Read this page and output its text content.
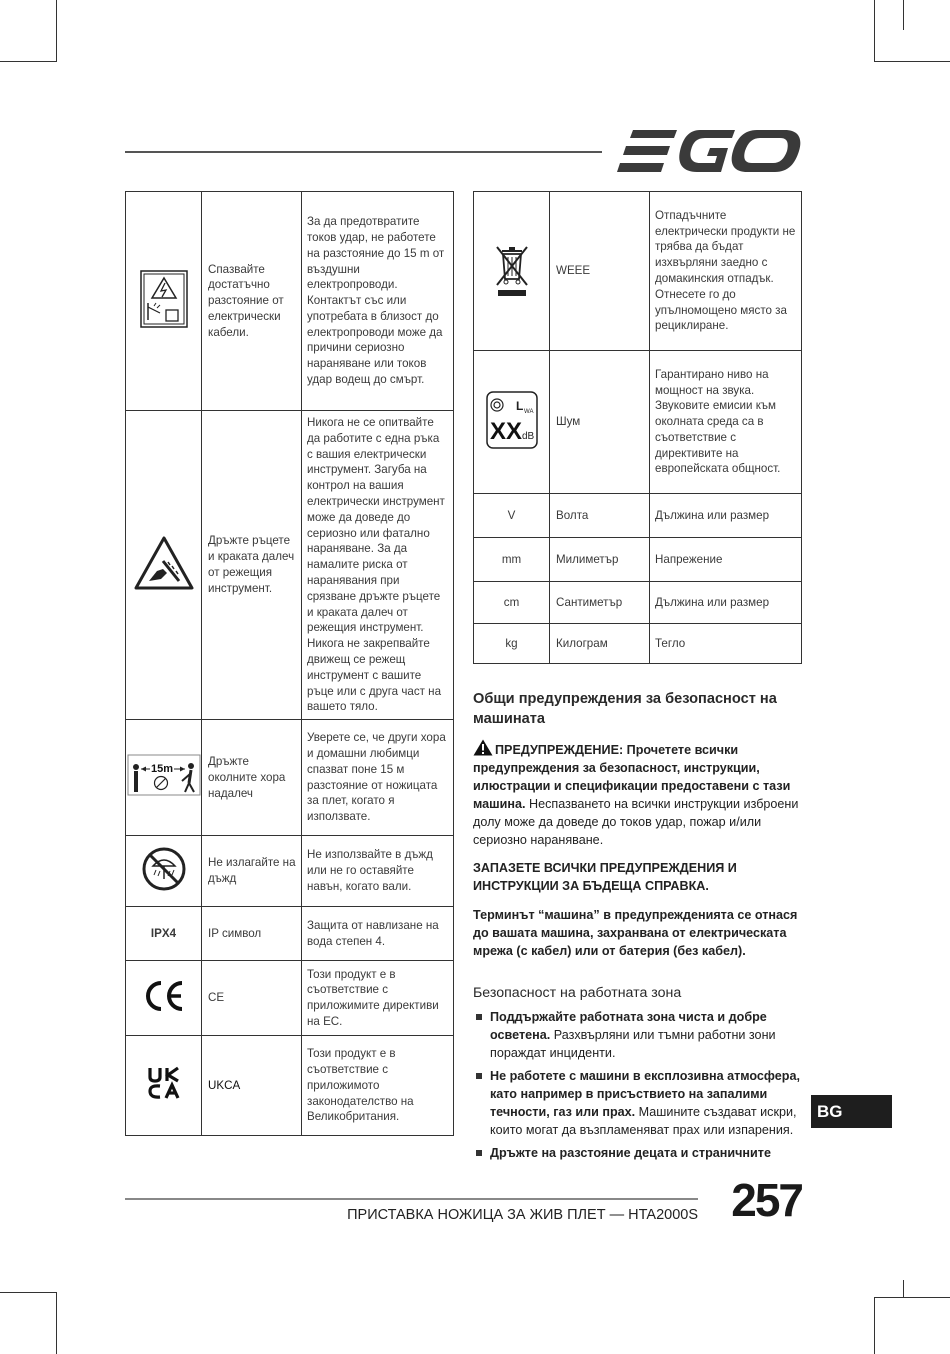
	Спазвайте достатъчно разстояние от електрически кабели.	За да предотвратите токов удар, не работете на разстояние до 15 m от въздушни електропроводи. Контактът със или употребата в близост до електропроводи може да причини сериозно нараняване или токов удар водещ до смърт.
	Дръжте ръцете и краката далеч от режещия инструмент.	Никога не се опитвайте да работите с една ръка с вашия електрически инструмент. Загуба на контрол на вашия електрически инструмент може да доведе до сериозно или фатално нараняване. За да намалите риска от наранявания при срязване дръжте ръцете и краката далеч от режещия инструмент. Никога не закрепвайте движещ се режещ инструмент с вашите ръце или с друга част на вашето тяло.

15m	Дръжте околните хора надалеч	Уверете се, че други хора и домашни любимци спазват поне 15 м разстояние от ножицата за плет, когато я използвате.
	Не излагайте на дъжд	Не използвайте в дъжд или не го оставяйте навън, когато вали.
IPX4	IP символ	Защита от навлизане на вода степен 4.
	CE	Този продукт е в съответствие с приложимите директиви на ЕС.
	UKCA	Този продукт е в съответствие с приложимото законодателство на Великобритания.
	WEEE	Отпадъчните електрически продукти не трябва да бъдат изхвърляни заедно с домакинския отпадък. Отнесете го до упълномощено място за рециклиране.

L WA
XX dB	Шум	Гарантирано ниво на мощност на звука. Звуковите емисии към околната среда са в съответствие с директивите на европейската общност.
V	Волта	Дължина или размер
mm	Милиметър	Напрежение
cm	Сантиметър	Дължина или размер
kg	Килограм	Тегло
Общи предупреждения за безопасност на машината

ПРЕДУПРЕЖДЕНИЕ: Прочетете всички предупреждения за безопасност, инструкции, илюстрации и спецификации предоставени с тази машина. Неспазването на всички инструкции изброени долу може да доведе до токов удар, пожар и/или сериозно нараняване.

ЗАПАЗЕТЕ ВСИЧКИ ПРЕДУПРЕЖДЕНИЯ И ИНСТРУКЦИИ ЗА БЪДЕЩА СПРАВКА.

Терминът “машина” в предупрежденията се отнася до вашата машина, захранвана от електрическата мрежа (с кабел) или от батерия (без кабел).

Безопасност на работната зона
Поддържайте работната зона чиста и добре осветена. Разхвърляни или тъмни работни зони пораждат инциденти.
Не работете с машини в експлозивна атмосфера, като например в присъствието на запалими течности, газ или прах. Машините създават искри, които могат да възпламеняват прах или изпарения.
Дръжте на разстояние децата и страничните
BG
ПРИСТАВКА НОЖИЦА ЗА ЖИВ ПЛЕТ — HTA2000S 257
